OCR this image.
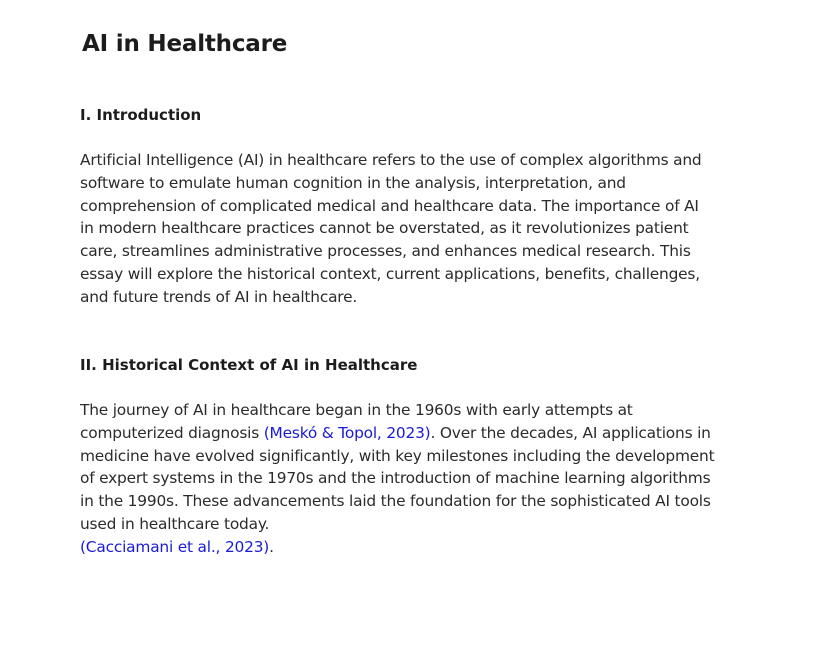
AI in Healthcare
I. Introduction

Artificial Intelligence (AI) in healthcare refers to the use of complex algorithms and software to emulate human cognition in the analysis, interpretation, and comprehension of complicated medical and healthcare data. The importance of AI in modern healthcare practices cannot be overstated, as it revolutionizes patient care, streamlines administrative processes, and enhances medical research. This essay will explore the historical context, current applications, benefits, challenges, and future trends of AI in healthcare.

II. Historical Context of AI in Healthcare

The journey of AI in healthcare began in the 1960s with early attempts at computerized diagnosis (Meskó & Topol, 2023). Over the decades, AI applications in medicine have evolved significantly, with key milestones including the development of expert systems in the 1970s and the introduction of machine learning algorithms in the 1990s. These advancements laid the foundation for the sophisticated AI tools used in healthcare today.
(Cacciamani et al., 2023).
